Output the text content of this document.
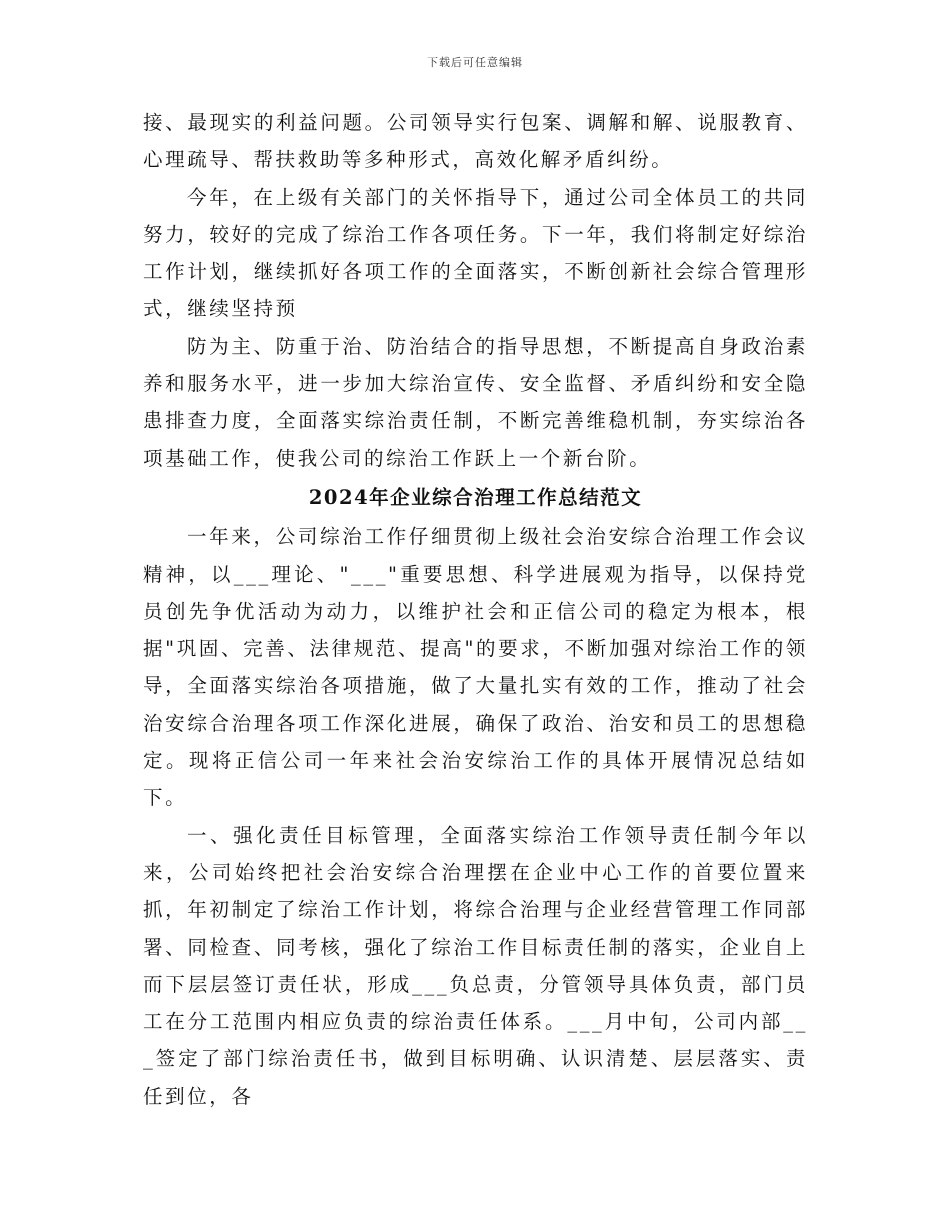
下载后可任意编辑

接、最现实的利益问题。公司领导实行包案、调解和解、说服教育、心理疏导、帮扶救助等多种形式，高效化解矛盾纠纷。

今年，在上级有关部门的关怀指导下，通过公司全体员工的共同努力，较好的完成了综治工作各项任务。下一年，我们将制定好综治工作计划，继续抓好各项工作的全面落实，不断创新社会综合管理形式，继续坚持预

防为主、防重于治、防治结合的指导思想，不断提高自身政治素养和服务水平，进一步加大综治宣传、安全监督、矛盾纠纷和安全隐患排查力度，全面落实综治责任制，不断完善维稳机制，夯实综治各项基础工作，使我公司的综治工作跃上一个新台阶。

2024年企业综合治理工作总结范文

一年来，公司综治工作仔细贯彻上级社会治安综合治理工作会议精神，以___理论、"___"重要思想、科学进展观为指导，以保持党员创先争优活动为动力，以维护社会和正信公司的稳定为根本，根据"巩固、完善、法律规范、提高"的要求，不断加强对综治工作的领导，全面落实综治各项措施，做了大量扎实有效的工作，推动了社会治安综合治理各项工作深化进展，确保了政治、治安和员工的思想稳定。现将正信公司一年来社会治安综治工作的具体开展情况总结如下。

一、强化责任目标管理，全面落实综治工作领导责任制今年以来，公司始终把社会治安综合治理摆在企业中心工作的首要位置来抓，年初制定了综治工作计划，将综合治理与企业经营管理工作同部署、同检查、同考核，强化了综治工作目标责任制的落实，企业自上而下层层签订责任状，形成___负总责，分管领导具体负责，部门员工在分工范围内相应负责的综治责任体系。___月中旬，公司内部___签定了部门综治责任书，做到目标明确、认识清楚、层层落实、责任到位，各
